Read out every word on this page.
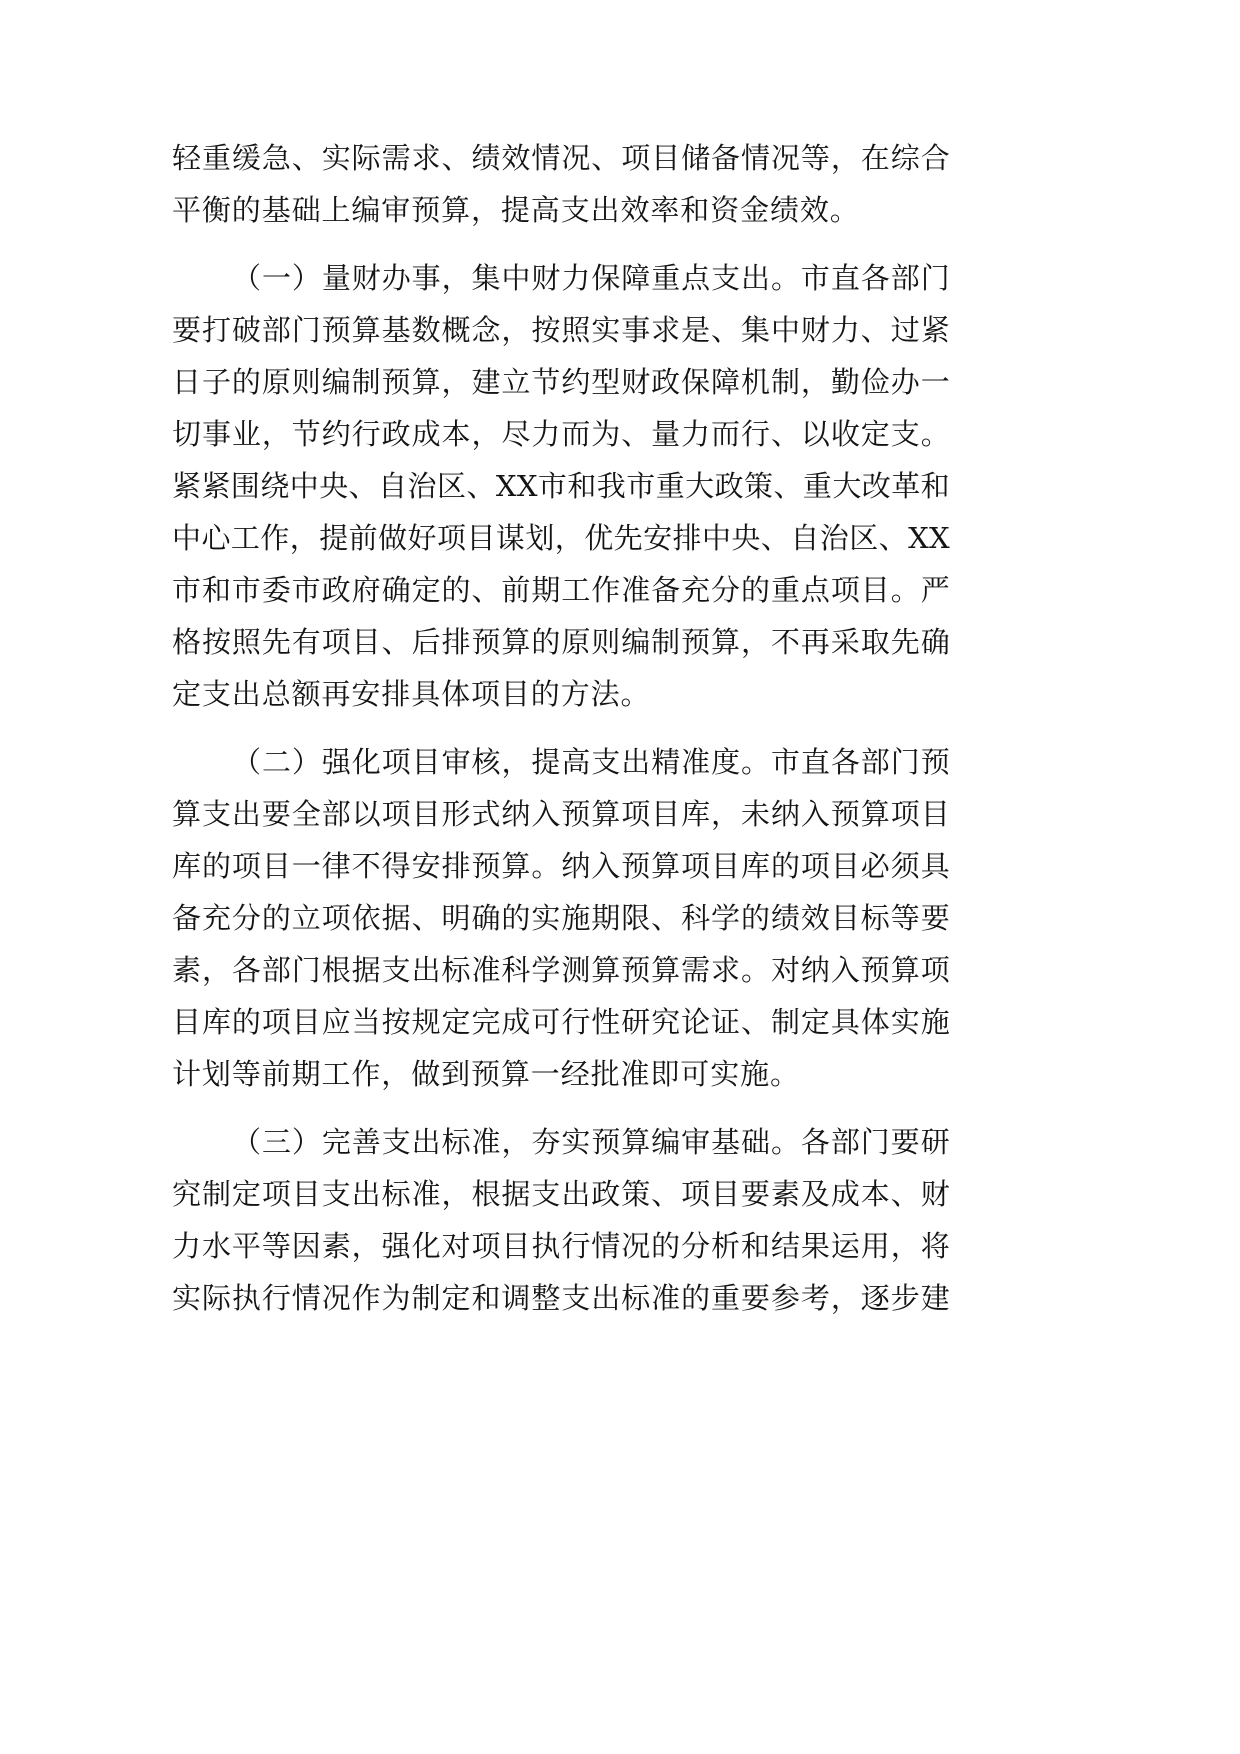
轻重缓急、实际需求、绩效情况、项目储备情况等，在综合
平衡的基础上编审预算，提高支出效率和资金绩效。
（一）量财办事，集中财力保障重点支出。市直各部门
要打破部门预算基数概念，按照实事求是、集中财力、过紧
日子的原则编制预算，建立节约型财政保障机制，勤俭办一
切事业，节约行政成本，尽力而为、量力而行、以收定支。
紧紧围绕中央、自治区、XX市和我市重大政策、重大改革和
中心工作，提前做好项目谋划，优先安排中央、自治区、XX
市和市委市政府确定的、前期工作准备充分的重点项目。严
格按照先有项目、后排预算的原则编制预算，不再采取先确
定支出总额再安排具体项目的方法。
（二）强化项目审核，提高支出精准度。市直各部门预
算支出要全部以项目形式纳入预算项目库，未纳入预算项目
库的项目一律不得安排预算。纳入预算项目库的项目必须具
备充分的立项依据、明确的实施期限、科学的绩效目标等要
素，各部门根据支出标准科学测算预算需求。对纳入预算项
目库的项目应当按规定完成可行性研究论证、制定具体实施
计划等前期工作，做到预算一经批准即可实施。
（三）完善支出标准，夯实预算编审基础。各部门要研
究制定项目支出标准，根据支出政策、项目要素及成本、财
力水平等因素，强化对项目执行情况的分析和结果运用，将
实际执行情况作为制定和调整支出标准的重要参考，逐步建
